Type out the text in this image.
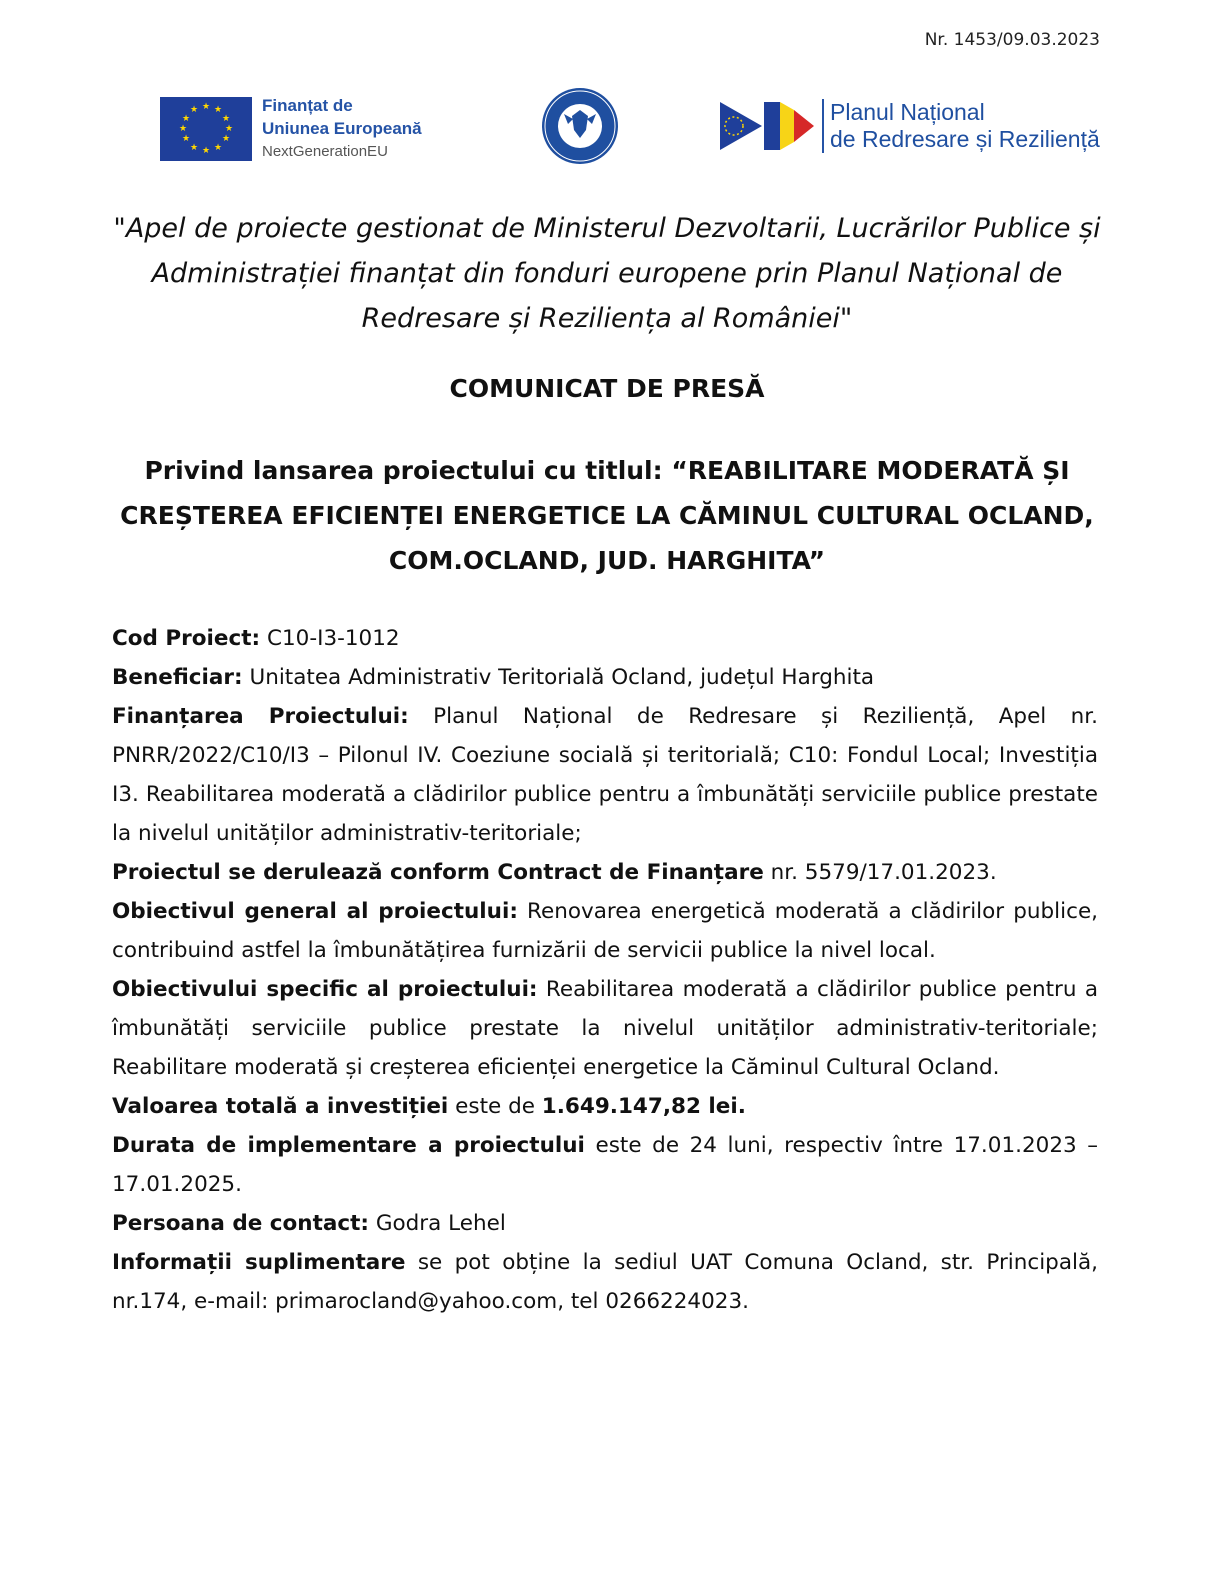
Nr. 1453/09.03.2023
★ ★
★
★
★
★
★
★
★
★
★
★	Finanțat de
Uniunea Europeană
NextGenerationEU
Planul Național
de Redresare și Reziliență
"Apel de proiecte gestionat de Ministerul Dezvoltarii, Lucrărilor Publice și Administrației finanțat din fonduri europene prin Planul Național de Redresare și Reziliența al României"
COMUNICAT DE PRESĂ
Privind lansarea proiectului cu titlul: “REABILITARE MODERATĂ ȘI CREȘTEREA EFICIENȚEI ENERGETICE LA CĂMINUL CULTURAL OCLAND, COM.OCLAND, JUD. HARGHITA”

Cod Proiect: C10-I3-1012

Beneficiar: Unitatea Administrativ Teritorială Ocland, județul Harghita

Finanțarea Proiectului: Planul Național de Redresare și Reziliență, Apel nr. PNRR/2022/C10/I3 – Pilonul IV. Coeziune socială și teritorială; C10: Fondul Local; Investiția I3. Reabilitarea moderată a clădirilor publice pentru a îmbunătăți serviciile publice prestate la nivelul unităților administrativ-teritoriale;

Proiectul se derulează conform Contract de Finanțare nr. 5579/17.01.2023.

Obiectivul general al proiectului: Renovarea energetică moderată a clădirilor publice, contribuind astfel la îmbunătățirea furnizării de servicii publice la nivel local.

Obiectivului specific al proiectului: Reabilitarea moderată a clădirilor publice pentru a îmbunătăți serviciile publice prestate la nivelul unităților administrativ-teritoriale; Reabilitare moderată și creșterea eficienței energetice la Căminul Cultural Ocland.

Valoarea totală a investiției este de 1.649.147,82 lei.

Durata de implementare a proiectului este de 24 luni, respectiv între 17.01.2023 – 17.01.2025.

Persoana de contact: Godra Lehel

Informații suplimentare se pot obține la sediul UAT Comuna Ocland, str. Principală, nr.174, e-mail: primarocland@yahoo.com, tel 0266224023.
